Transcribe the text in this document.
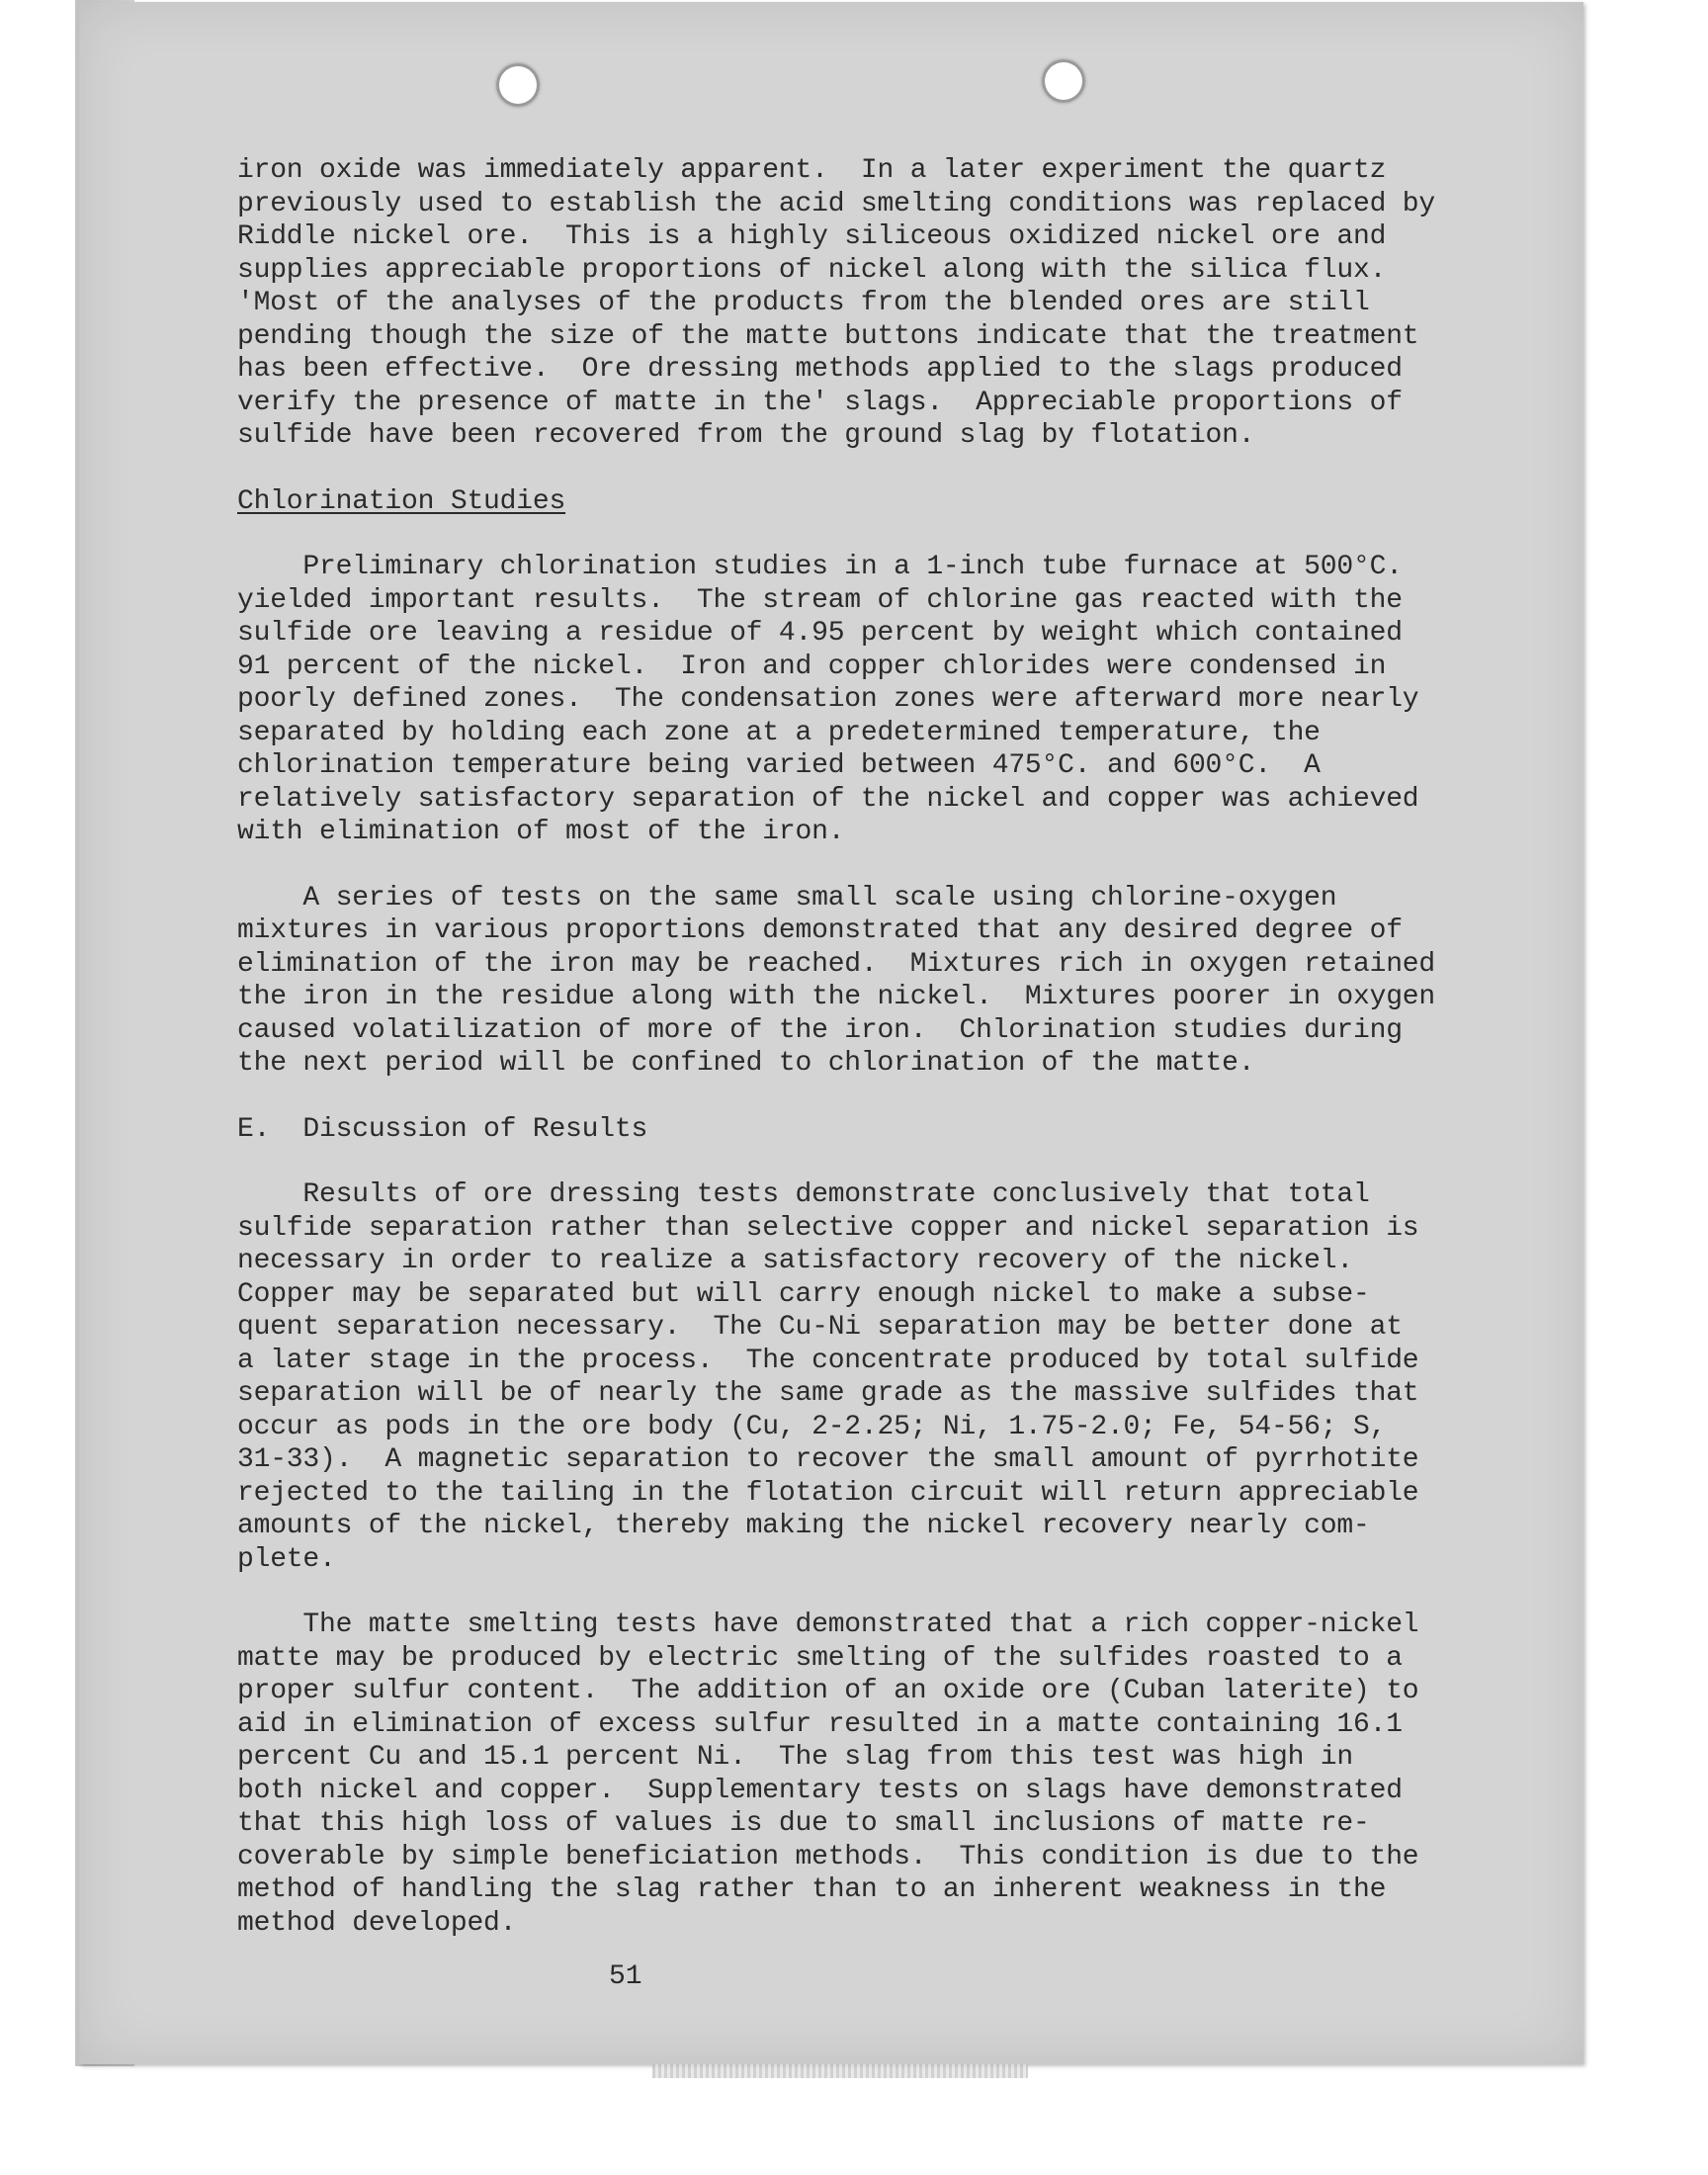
iron oxide was immediately apparent.  In a later experiment the quartz
previously used to establish the acid smelting conditions was replaced by
Riddle nickel ore.  This is a highly siliceous oxidized nickel ore and
supplies appreciable proportions of nickel along with the silica flux.
'Most of the analyses of the products from the blended ores are still
pending though the size of the matte buttons indicate that the treatment
has been effective.  Ore dressing methods applied to the slags produced
verify the presence of matte in the' slags.  Appreciable proportions of
sulfide have been recovered from the ground slag by flotation.
Chlorination Studies
Preliminary chlorination studies in a 1-inch tube furnace at 500°C.
yielded important results.  The stream of chlorine gas reacted with the
sulfide ore leaving a residue of 4.95 percent by weight which contained
91 percent of the nickel.  Iron and copper chlorides were condensed in
poorly defined zones.  The condensation zones were afterward more nearly
separated by holding each zone at a predetermined temperature, the
chlorination temperature being varied between 475°C. and 600°C.  A
relatively satisfactory separation of the nickel and copper was achieved
with elimination of most of the iron.
A series of tests on the same small scale using chlorine-oxygen
mixtures in various proportions demonstrated that any desired degree of
elimination of the iron may be reached.  Mixtures rich in oxygen retained
the iron in the residue along with the nickel.  Mixtures poorer in oxygen
caused volatilization of more of the iron.  Chlorination studies during
the next period will be confined to chlorination of the matte.
E.  Discussion of Results
Results of ore dressing tests demonstrate conclusively that total
sulfide separation rather than selective copper and nickel separation is
necessary in order to realize a satisfactory recovery of the nickel.
Copper may be separated but will carry enough nickel to make a subse-
quent separation necessary.  The Cu-Ni separation may be better done at
a later stage in the process.  The concentrate produced by total sulfide
separation will be of nearly the same grade as the massive sulfides that
occur as pods in the ore body (Cu, 2-2.25; Ni, 1.75-2.0; Fe, 54-56; S,
31-33).  A magnetic separation to recover the small amount of pyrrhotite
rejected to the tailing in the flotation circuit will return appreciable
amounts of the nickel, thereby making the nickel recovery nearly com-
plete.
The matte smelting tests have demonstrated that a rich copper-nickel
matte may be produced by electric smelting of the sulfides roasted to a
proper sulfur content.  The addition of an oxide ore (Cuban laterite) to
aid in elimination of excess sulfur resulted in a matte containing 16.1
percent Cu and 15.1 percent Ni.  The slag from this test was high in
both nickel and copper.  Supplementary tests on slags have demonstrated
that this high loss of values is due to small inclusions of matte re-
coverable by simple beneficiation methods.  This condition is due to the
method of handling the slag rather than to an inherent weakness in the
method developed.
51
